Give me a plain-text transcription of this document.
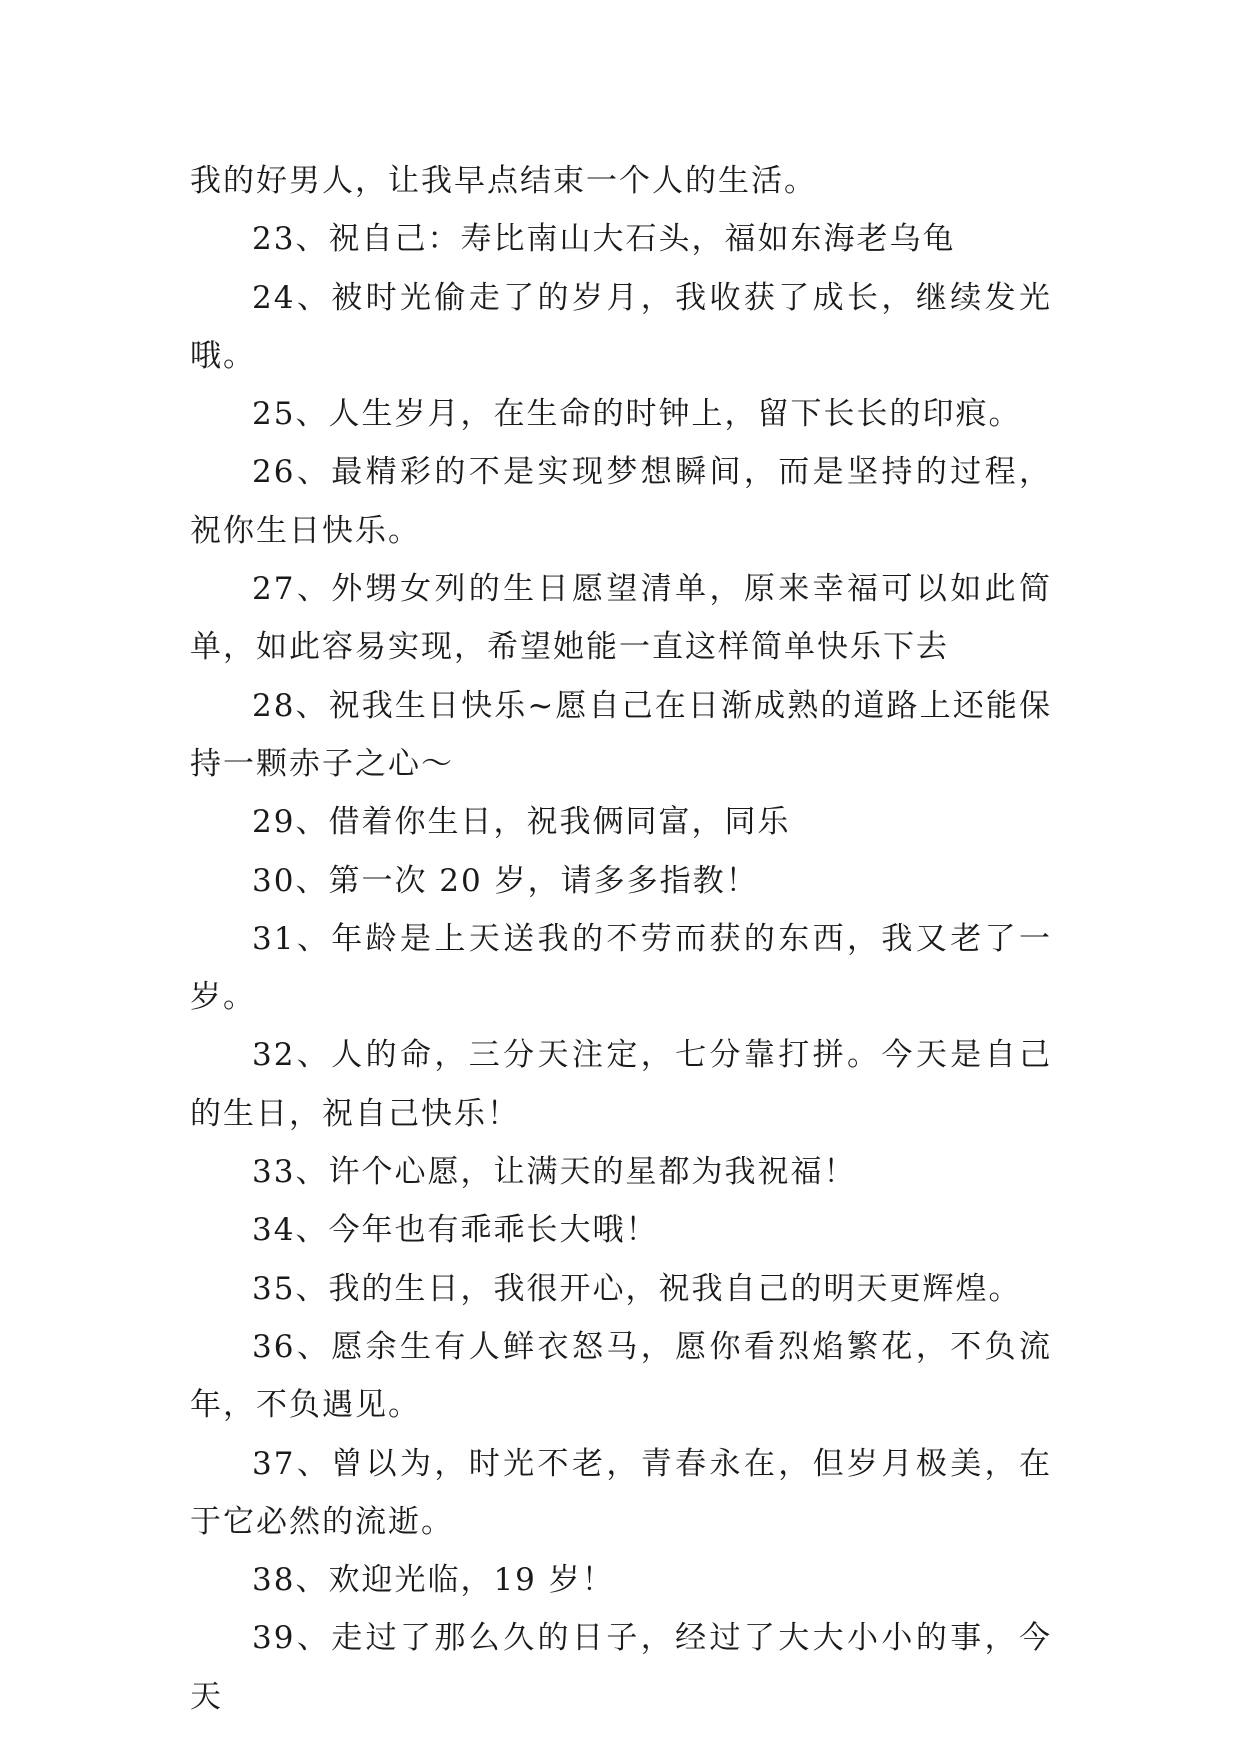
我的好男人，让我早点结束一个人的生活。

23、祝自己：寿比南山大石头，福如东海老乌龟

24、被时光偷走了的岁月，我收获了成长，继续发光哦。

25、人生岁月，在生命的时钟上，留下长长的印痕。

26、最精彩的不是实现梦想瞬间，而是坚持的过程，祝你生日快乐。

27、外甥女列的生日愿望清单，原来幸福可以如此简单，如此容易实现，希望她能一直这样简单快乐下去

28、祝我生日快乐~愿自己在日渐成熟的道路上还能保持一颗赤子之心～

29、借着你生日，祝我俩同富，同乐

30、第一次 20 岁，请多多指教！

31、年龄是上天送我的不劳而获的东西，我又老了一岁。

32、人的命，三分天注定，七分靠打拼。今天是自己的生日，祝自己快乐！

33、许个心愿，让满天的星都为我祝福！

34、今年也有乖乖长大哦！

35、我的生日，我很开心，祝我自己的明天更辉煌。

36、愿余生有人鲜衣怒马，愿你看烈焰繁花，不负流年，不负遇见。

37、曾以为，时光不老，青春永在，但岁月极美，在于它必然的流逝。

38、欢迎光临，19 岁！

39、走过了那么久的日子，经过了大大小小的事，今天
